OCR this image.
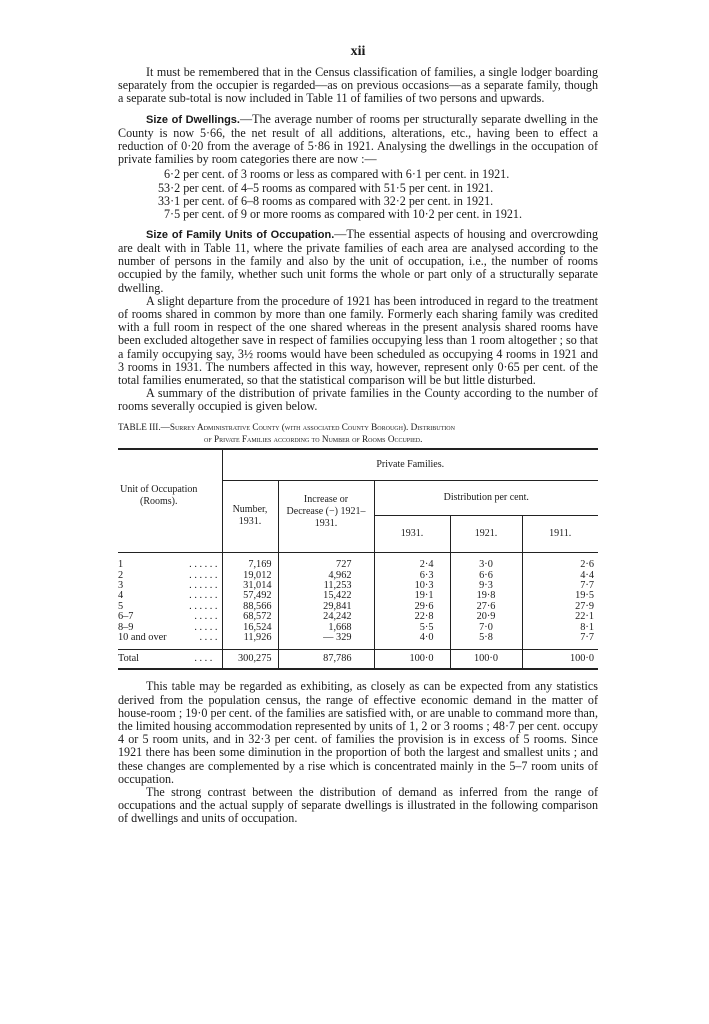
xii

It must be remembered that in the Census classification of families, a single lodger boarding separately from the occupier is regarded—as on previous occasions—as a separate family, though a separate sub-total is now included in Table 11 of families of two persons and upwards.

Size of Dwellings.—The average number of rooms per structurally separate dwelling in the County is now 5·66, the net result of all additions, alterations, etc., having been to effect a reduction of 0·20 from the average of 5·86 in 1921. Analysing the dwellings in the occupation of private families by room categories there are now :—

6·2 per cent. of 3 rooms or less as compared with 6·1 per cent. in 1921.
53·2 per cent. of 4–5 rooms as compared with 51·5 per cent. in 1921.
33·1 per cent. of 6–8 rooms as compared with 32·2 per cent. in 1921.
7·5 per cent. of 9 or more rooms as compared with 10·2 per cent. in 1921.

Size of Family Units of Occupation.—The essential aspects of housing and overcrowding are dealt with in Table 11, where the private families of each area are analysed according to the number of persons in the family and also by the unit of occupation, i.e., the number of rooms occupied by the family, whether such unit forms the whole or part only of a structurally separate dwelling.

A slight departure from the procedure of 1921 has been introduced in regard to the treatment of rooms shared in common by more than one family. Formerly each sharing family was credited with a full room in respect of the one shared whereas in the present analysis shared rooms have been excluded altogether save in respect of families occupying less than 1 room altogether ; so that a family occupying say, 3½ rooms would have been scheduled as occupying 4 rooms in 1921 and 3 rooms in 1931. The numbers affected in this way, however, represent only 0·65 per cent. of the total families enumerated, so that the statistical comparison will be but little disturbed.

A summary of the distribution of private families in the County according to the number of rooms severally occupied is given below.

TABLE III.—Surrey Administrative County (with associated County Borough). Distribution
of Private Families according to Number of Rooms Occupied.
Unit of Occupation (Rooms).	Private Families.				
	Number, 1931.	Increase or Decrease (−) 1921–1931.	Distribution per cent.		
			1931.	1921.	1911.

1 . . . . . .	7,169	727	2·4	3·0	2·6

2 . . . . . .	19,012	4,962	6·3	6·6	4·4

3 . . . . . .	31,014	11,253	10·3	9·3	7·7

4 . . . . . .	57,492	15,422	19·1	19·8	19·5

5 . . . . . .	88,566	29,841	29·6	27·6	27·9

6–7 . . . . .	68,572	24,242	22·8	20·9	22·1

8–9 . . . . .	16,524	1,668	5·5	7·0	8·1

10 and over . . . .	11,926	— 329	4·0	5·8	7·7

Total . . . .	300,275	87,786	100·0	100·0	100·0

This table may be regarded as exhibiting, as closely as can be expected from any statistics derived from the population census, the range of effective economic demand in the matter of house-room ; 19·0 per cent. of the families are satisfied with, or are unable to command more than, the limited housing accommodation represented by units of 1, 2 or 3 rooms ; 48·7 per cent. occupy 4 or 5 room units, and in 32·3 per cent. of families the provision is in excess of 5 rooms. Since 1921 there has been some diminution in the proportion of both the largest and smallest units ; and these changes are complemented by a rise which is concentrated mainly in the 5–7 room units of occupation.

The strong contrast between the distribution of demand as inferred from the range of occupations and the actual supply of separate dwellings is illustrated in the following comparison of dwellings and units of occupation.
